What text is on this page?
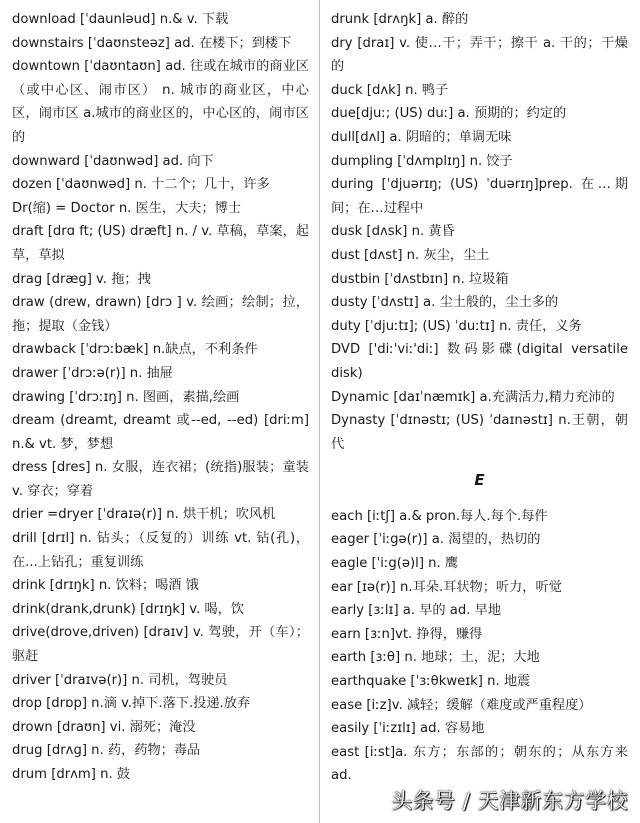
download [ˈdaunləud] n.& v. 下载
downstairs [ˈdaʊnsteəz] ad. 在楼下；到楼下
downtown [ˈdaʊntaʊn] ad. 往或在城市的商业区（或中心区、闹市区） n. 城市的商业区，中心区，闹市区 a.城市的商业区的，中心区的，闹市区的
downward [ˈdaʊnwəd] ad. 向下
dozen [ˈdaʊnwəd] n. 十二个；几十，许多
Dr(缩) = Doctor n. 医生，大夫；博士
draft [drɑ ft; (US) dræft] n. / v. 草稿，草案，起草，草拟
drag [dræg] v. 拖；拽
draw (drew, drawn) [drɔ ] v. 绘画；绘制；拉，拖；提取（金钱）
drawback [ˈdrɔːbæk] n.缺点，不利条件
drawer [ˈdrɔːə(r)] n. 抽屉
drawing [ˈdrɔːɪŋ] n. 图画，素描,绘画
dream (dreamt, dreamt 或--ed, --ed) [driːm] n.& vt. 梦，梦想
dress [dres] n. 女服，连衣裙；(统指)服装；童装 v. 穿衣；穿着
drier =dryer [ˈdraɪə(r)] n. 烘干机；吹风机
drill [drɪl] n. 钻头；（反复的）训练 vt. 钻(孔)，在...上钻孔；重复训练
drink [drɪŋk] n. 饮料；喝酒 饿
drink(drank,drunk) [drɪŋk] v. 喝，饮
drive(drove,driven) [draɪv] v. 驾驶，开（车）；驱赶
driver [ˈdraɪvə(r)] n. 司机，驾驶员
drop [drɒp] n.滴 v.掉下.落下.投递.放弃
drown [draʊn] vi. 溺死；淹没
drug [drʌg] n. 药，药物；毒品
drum [drʌm] n. 鼓
drunk [drʌŋk] a. 醉的
dry [draɪ] v. 使…干；弄干；擦干 a. 干的；干燥的
duck [dʌk] n. 鸭子
due[djuː; (US) duː] a. 预期的；约定的
dull[dʌl] a. 阴暗的；单调无味
dumpling [ˈdʌmplɪŋ] n. 饺子
during [ˈdjuərɪŋ; (US) ˈduərɪŋ]prep. 在…期间；在…过程中
dusk [dʌsk] n. 黄昏
dust [dʌst] n. 灰尘，尘土
dustbin [ˈdʌstbɪn] n. 垃圾箱
dusty [ˈdʌstɪ] a. 尘土般的，尘土多的
duty [ˈdjuːtɪ]; (US) ˈduːtɪ] n. 责任，义务
DVD ['diː'viː'diː] 数码影碟(digital versatile disk)
Dynamic [daɪˈnæmɪk] a.充满活力,精力充沛的
Dynasty [ˈdɪnəstɪ; (US) ˈdaɪnəstɪ] n.王朝，朝代
E
each [iːtʃ] a.& pron.每人.每个.每件
eager [ˈiːgə(r)] a. 渴望的，热切的
eagle [ˈiːg(ə)l] n. 鹰
ear [ɪə(r)] n.耳朵.耳状物；听力，听觉
early [ɜːlɪ] a. 早的 ad. 早地
earn [ɜːn]vt. 挣得，赚得
earth [ɜːθ] n. 地球；土，泥；大地
earthquake [ˈɜːθkweɪk] n. 地震
ease [iːz]v. 减轻；缓解（难度或严重程度）
easily [ˈiːzɪlɪ] ad. 容易地
east [iːst]a. 东方；东部的；朝东的；从东方来 ad.
头条号 / 天津新东方学校
